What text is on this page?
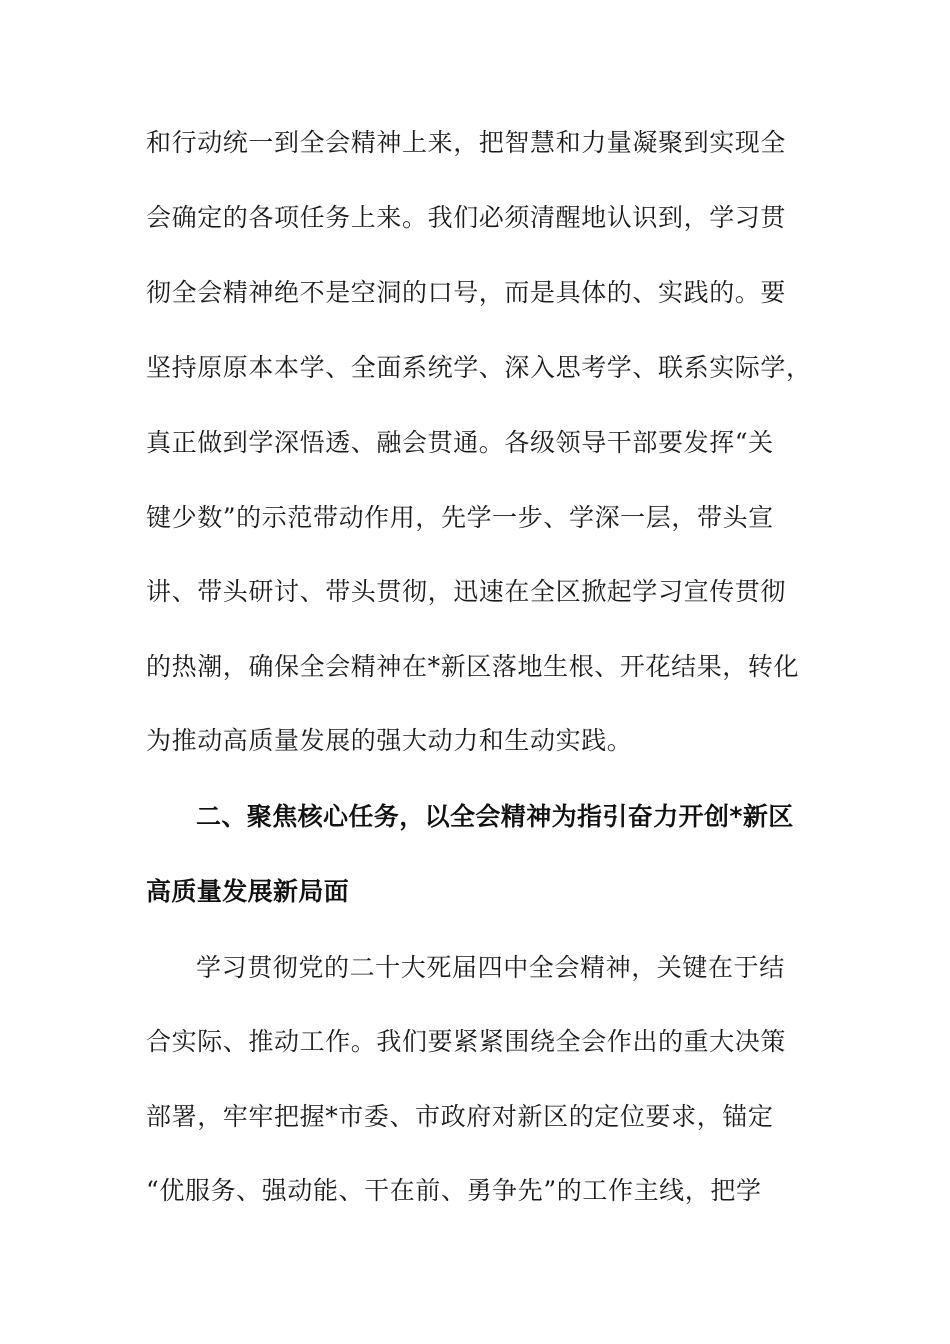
和行动统一到全会精神上来，把智慧和力量凝聚到实现全
会确定的各项任务上来。我们必须清醒地认识到，学习贯
彻全会精神绝不是空洞的口号，而是具体的、实践的。要
坚持原原本本学、全面系统学、深入思考学、联系实际学，
真正做到学深悟透、融会贯通。各级领导干部要发挥“关
键少数”的示范带动作用，先学一步、学深一层，带头宣
讲、带头研讨、带头贯彻，迅速在全区掀起学习宣传贯彻
的热潮，确保全会精神在*新区落地生根、开花结果，转化
为推动高质量发展的强大动力和生动实践。
二、聚焦核心任务，以全会精神为指引奋力开创*新区
高质量发展新局面
学习贯彻党的二十大死届四中全会精神，关键在于结
合实际、推动工作。我们要紧紧围绕全会作出的重大决策
部署，牢牢把握*市委、市政府对新区的定位要求，锚定
“优服务、强动能、干在前、勇争先”的工作主线，把学
